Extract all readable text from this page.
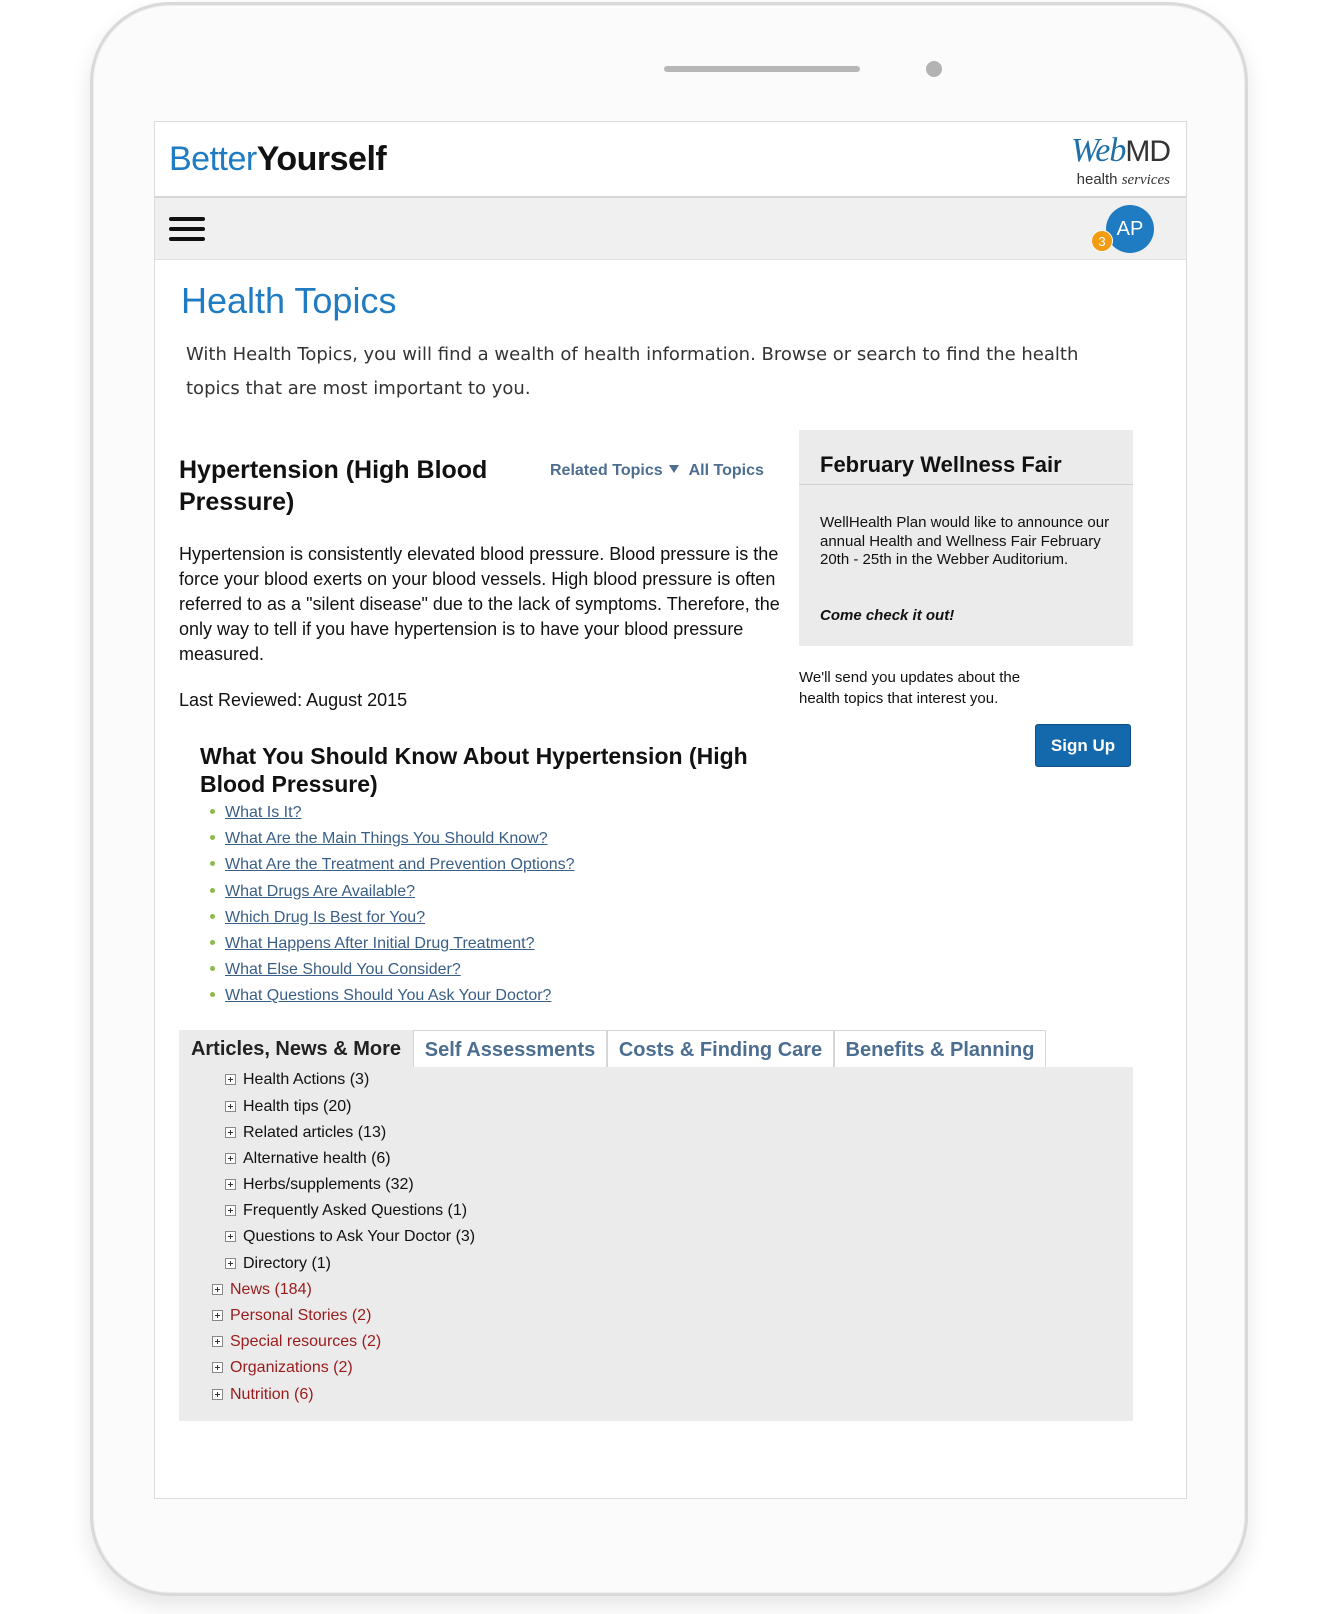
BetterYourself	WebMD
health services
AP
3
Health Topics

With Health Topics, you will find a wealth of health information. Browse or search to find the health topics that are most important to you.

Hypertension (High Blood Pressure)
Related Topics All Topics

Hypertension is consistently elevated blood pressure. Blood pressure is the force your blood exerts on your blood vessels. High blood pressure is often referred to as a "silent disease" due to the lack of symptoms. Therefore, the only way to tell if you have hypertension is to have your blood pressure measured.

Last Reviewed: August 2015

What You Should Know About Hypertension (High Blood Pressure)
What Is It?
What Are the Main Things You Should Know?
What Are the Treatment and Prevention Options?
What Drugs Are Available?
Which Drug Is Best for You?
What Happens After Initial Drug Treatment?
What Else Should You Consider?
What Questions Should You Ask Your Doctor?
February Wellness Fair
WellHealth Plan would like to announce our annual Health and Wellness Fair February 20th - 25th in the Webber Auditorium.
Come check it out!

We'll send you updates about the health topics that interest you.

Sign Up
Articles, News & More	Self Assessments	Costs & Finding Care	Benefits & Planning
Health Actions (3)
Health tips (20)
Related articles (13)
Alternative health (6)
Herbs/supplements (32)
Frequently Asked Questions (1)
Questions to Ask Your Doctor (3)
Directory (1)
News (184)
Personal Stories (2)
Special resources (2)
Organizations (2)
Nutrition (6)
